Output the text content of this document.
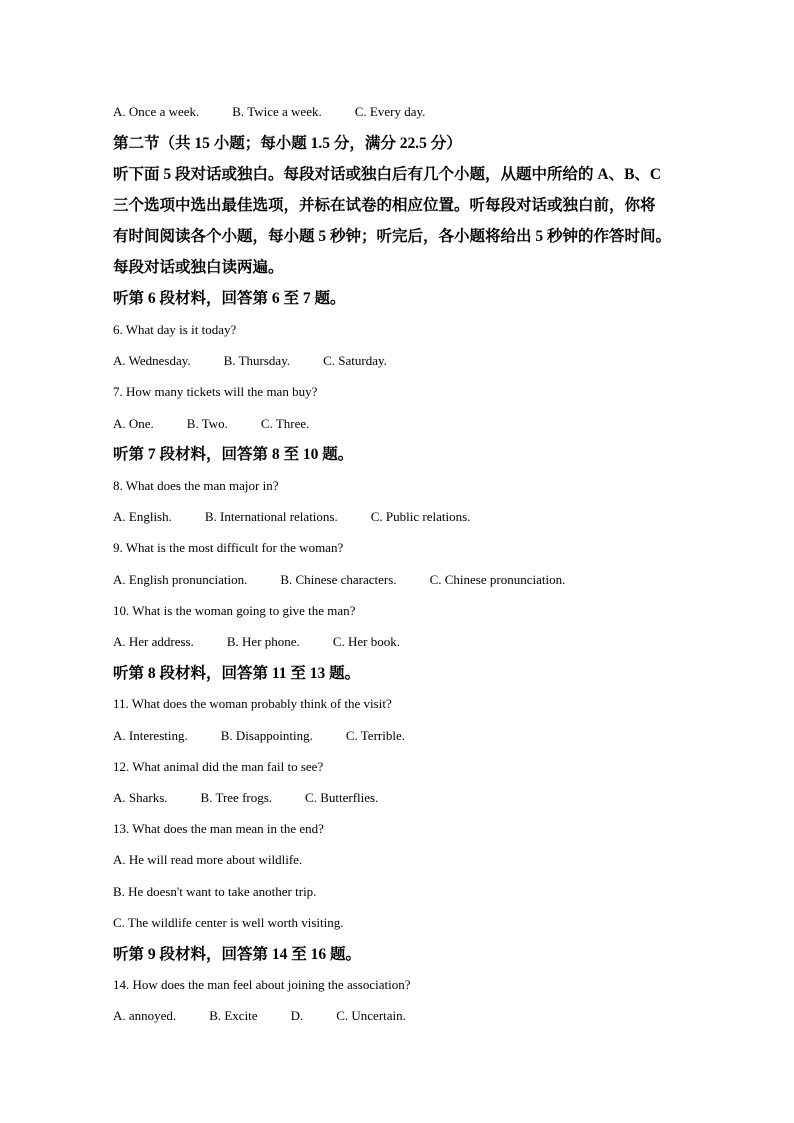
A. Once a week.	B. Twice a week.	C. Every day.
第二节（共 15 小题；每小题 1.5 分，满分 22.5 分）
听下面 5 段对话或独白。每段对话或独白后有几个小题，从题中所给的 A、B、C
三个选项中选出最佳选项，并标在试卷的相应位置。听每段对话或独白前，你将
有时间阅读各个小题，每小题 5 秒钟；听完后，各小题将给出 5 秒钟的作答时间。
每段对话或独白读两遍。
听第 6 段材料，回答第 6 至 7 题。
6. What day is it today?
A. Wednesday.	B. Thursday.	C. Saturday.
7. How many tickets will the man buy?
A. One.	B. Two.	C. Three.
听第 7 段材料，回答第 8 至 10 题。
8. What does the man major in?
A. English.	B. International relations.	C. Public relations.
9. What is the most difficult for the woman?
A. English pronunciation.	B. Chinese characters.	C. Chinese pronunciation.
10. What is the woman going to give the man?
A. Her address.	B. Her phone.	C. Her book.
听第 8 段材料，回答第 11 至 13 题。
11. What does the woman probably think of the visit?
A. Interesting.	B. Disappointing.	C. Terrible.
12. What animal did the man fail to see?
A. Sharks.	B. Tree frogs.	C. Butterflies.
13. What does the man mean in the end?
A. He will read more about wildlife.
B. He doesn't want to take another trip.
C. The wildlife center is well worth visiting.
听第 9 段材料，回答第 14 至 16 题。
14. How does the man feel about joining the association?
A. annoyed.	B. Excite	D.	C. Uncertain.
